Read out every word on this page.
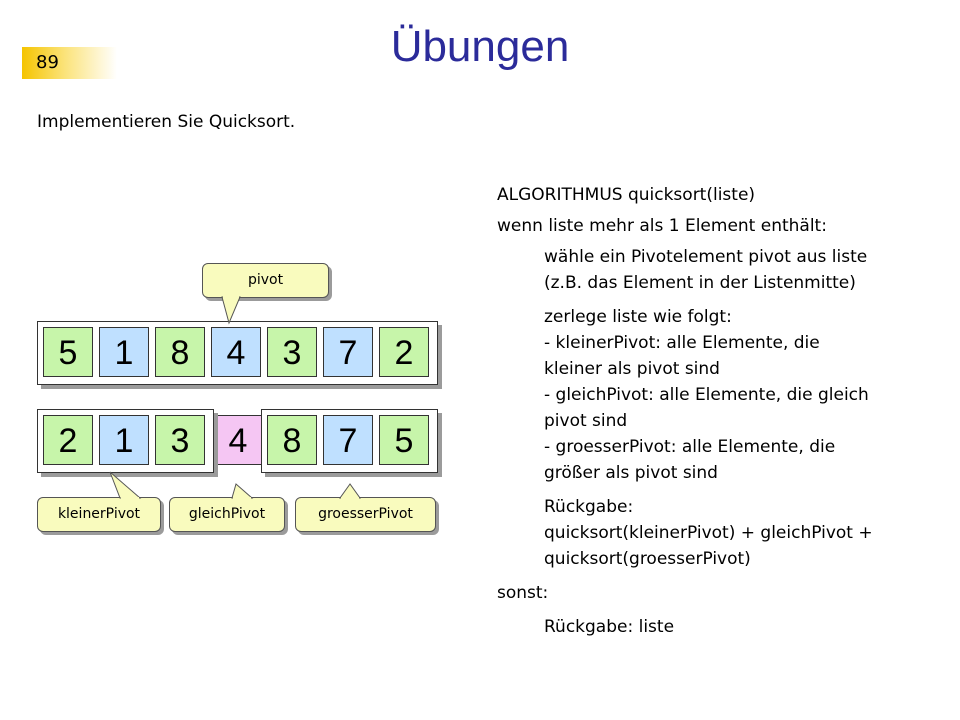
89	Übungen
Implementieren Sie Quicksort.

ALGORITHMUS quicksort(liste)

wenn liste mehr als 1 Element enthält:

wähle ein Pivotelement pivot aus liste

(z.B. das Element in der Listenmitte)

zerlege liste wie folgt:

- kleinerPivot: alle Elemente, die

kleiner als pivot sind

- gleichPivot: alle Elemente, die gleich

pivot sind

- groesserPivot: alle Elemente, die

größer als pivot sind

Rückgabe:

quicksort(kleinerPivot) + gleichPivot +

quicksort(groesserPivot)

sonst:

Rückgabe: liste

5	1	8	4	3	7	2
4
2	1	3	8	7	5
pivot
kleinerPivot	gleichPivot	groesserPivot
